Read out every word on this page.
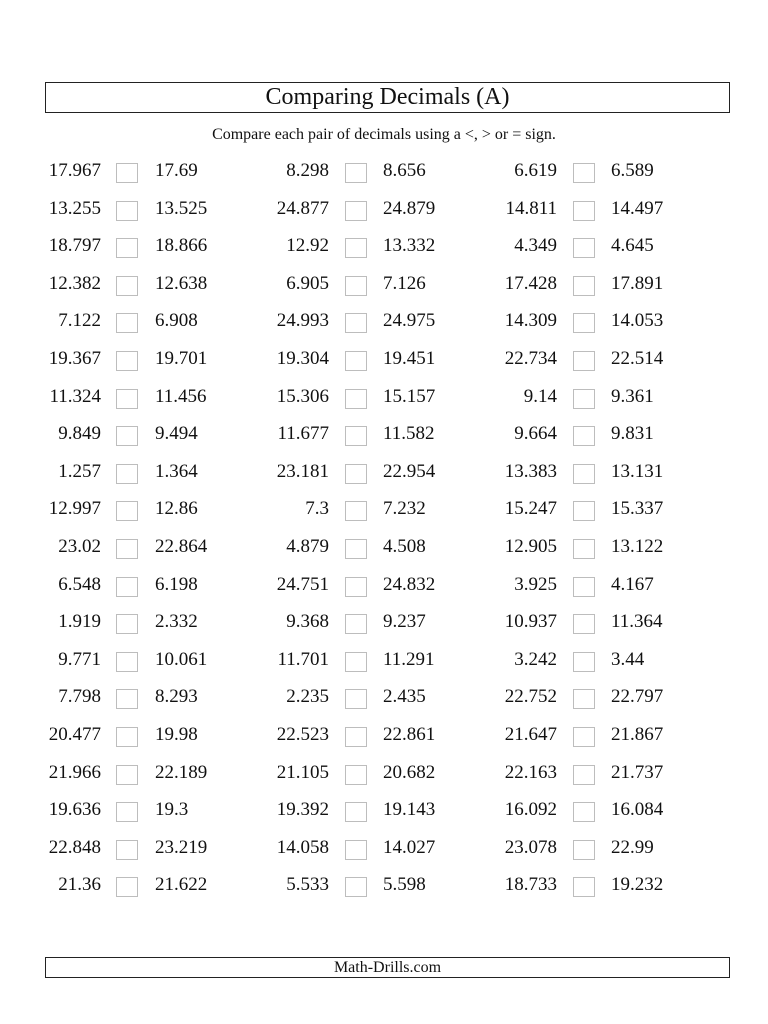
Comparing Decimals (A)
Compare each pair of decimals using a <, > or = sign.
17.967	17.69	8.298	8.656	6.619	6.589
13.255	13.525	24.877	24.879	14.811	14.497
18.797	18.866	12.92	13.332	4.349	4.645
12.382	12.638	6.905	7.126	17.428	17.891
7.122	6.908	24.993	24.975	14.309	14.053
19.367	19.701	19.304	19.451	22.734	22.514
11.324	11.456	15.306	15.157	9.14	9.361
9.849	9.494	11.677	11.582	9.664	9.831
1.257	1.364	23.181	22.954	13.383	13.131
12.997	12.86	7.3	7.232	15.247	15.337
23.02	22.864	4.879	4.508	12.905	13.122
6.548	6.198	24.751	24.832	3.925	4.167
1.919	2.332	9.368	9.237	10.937	11.364
9.771	10.061	11.701	11.291	3.242	3.44
7.798	8.293	2.235	2.435	22.752	22.797
20.477	19.98	22.523	22.861	21.647	21.867
21.966	22.189	21.105	20.682	22.163	21.737
19.636	19.3	19.392	19.143	16.092	16.084
22.848	23.219	14.058	14.027	23.078	22.99
21.36	21.622	5.533	5.598	18.733	19.232
Math-Drills.com
